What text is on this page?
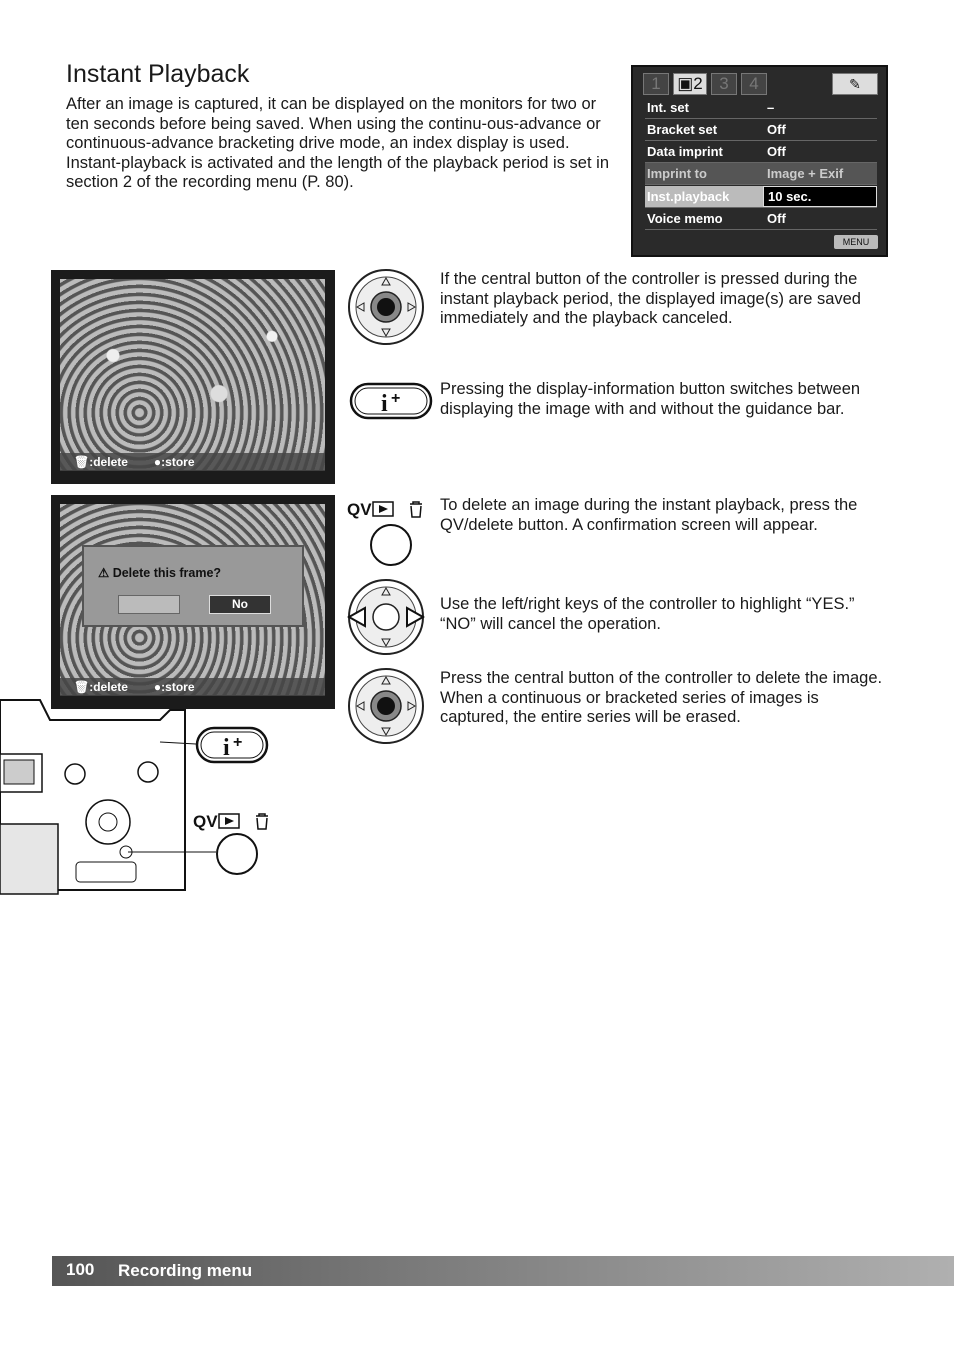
Instant Playback
After an image is captured, it can be displayed on the monitors for two or ten seconds before being saved. When using the continu-ous-advance or continuous-advance bracketing drive mode, an index display is used. Instant-playback is activated and the length of the playback period is set in section 2 of the recording menu (P. 80).
1 ▣2 3	4	✎
Int. set	–
Bracket set	Off
Data imprint	Off
Imprint to	Image + Exif
Inst.playback	10 sec.
Voice memo	Off
MENU
🗑 :delete ● :store
⚠ Delete this frame?
No
🗑 :delete ● :store
If the central button of the controller is pressed during the instant playback period, the displayed image(s) are saved immediately and the playback canceled.
i +
Pressing the display-information button switches between displaying the image with and without the guidance bar.
QV	To delete an image during the instant playback, press the QV/delete button. A confirmation screen will appear.
Use the left/right keys of the controller to highlight “YES.” “NO” will cancel the operation.
Press the central button of the controller to delete the image. When a continuous or bracketed series of images is captured, the entire series will be erased.
i +
QV
100 Recording menu
